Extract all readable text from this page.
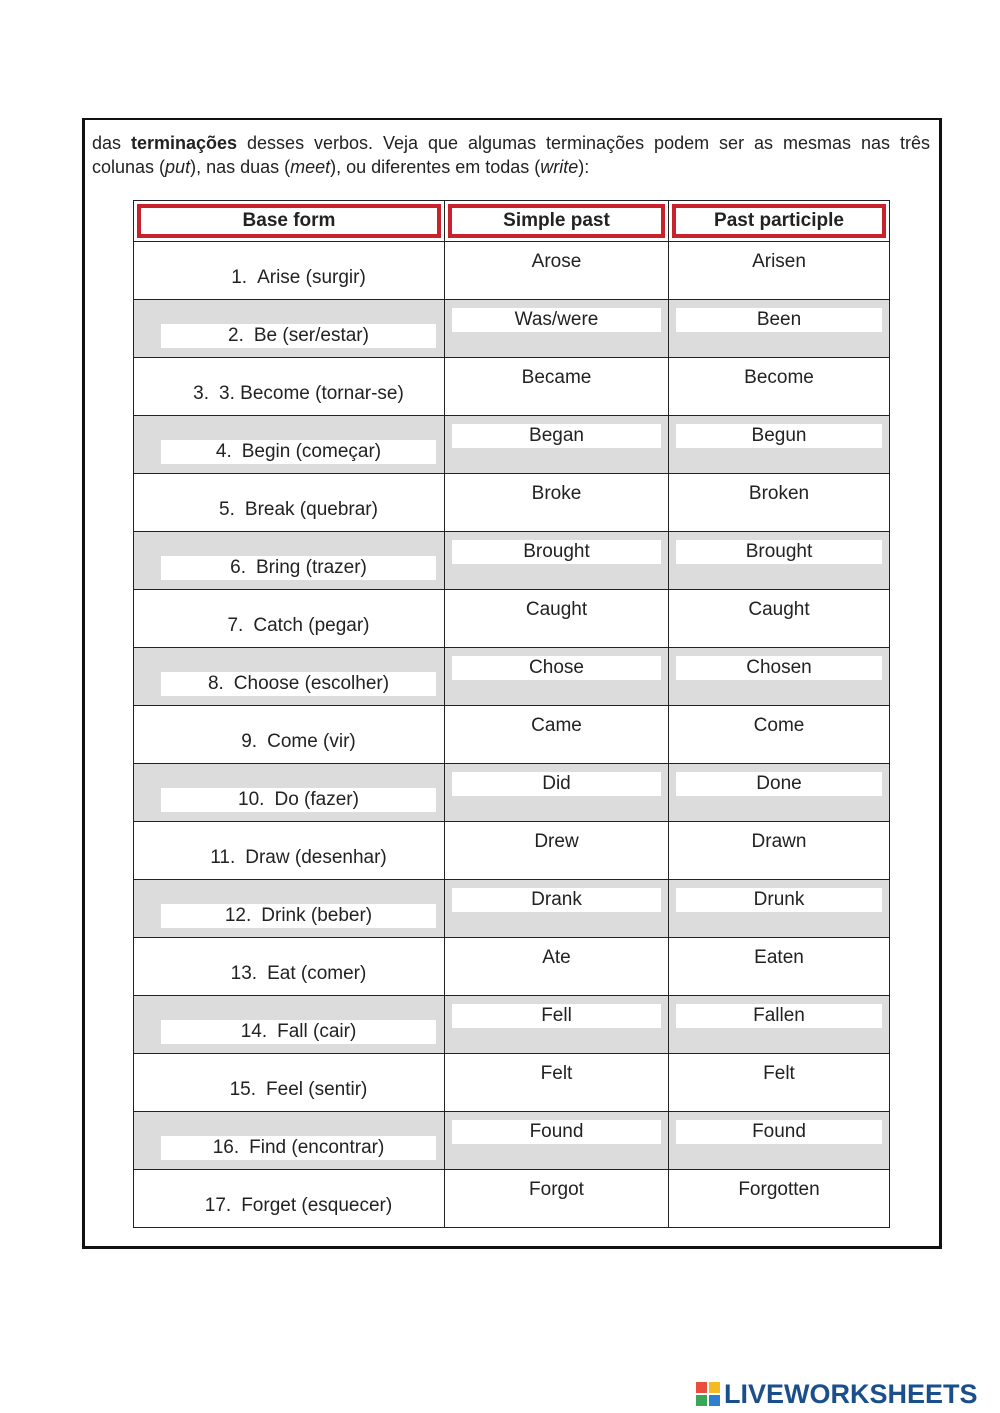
das terminações desses verbos. Veja que algumas terminações podem ser as mesmas nas três colunas (put), nas duas (meet), ou diferentes em todas (write):

Base form	Simple past	Past participle

1. Arise (surgir)	Arose	Arisen

2. Be (ser/estar)	Was/were	Been

3. 3. Become (tornar-se)	Became	Become

4. Begin (começar)	Began	Begun

5. Break (quebrar)	Broke	Broken

6. Bring (trazer)	Brought	Brought

7. Catch (pegar)	Caught	Caught

8. Choose (escolher)	Chose	Chosen

9. Come (vir)	Came	Come

10. Do (fazer)	Did	Done

11. Draw (desenhar)	Drew	Drawn

12. Drink (beber)	Drank	Drunk

13. Eat (comer)	Ate	Eaten

14. Fall (cair)	Fell	Fallen

15. Feel (sentir)	Felt	Felt

16. Find (encontrar)	Found	Found

17. Forget (esquecer)	Forgot	Forgotten
LIVEWORKSHEETS
